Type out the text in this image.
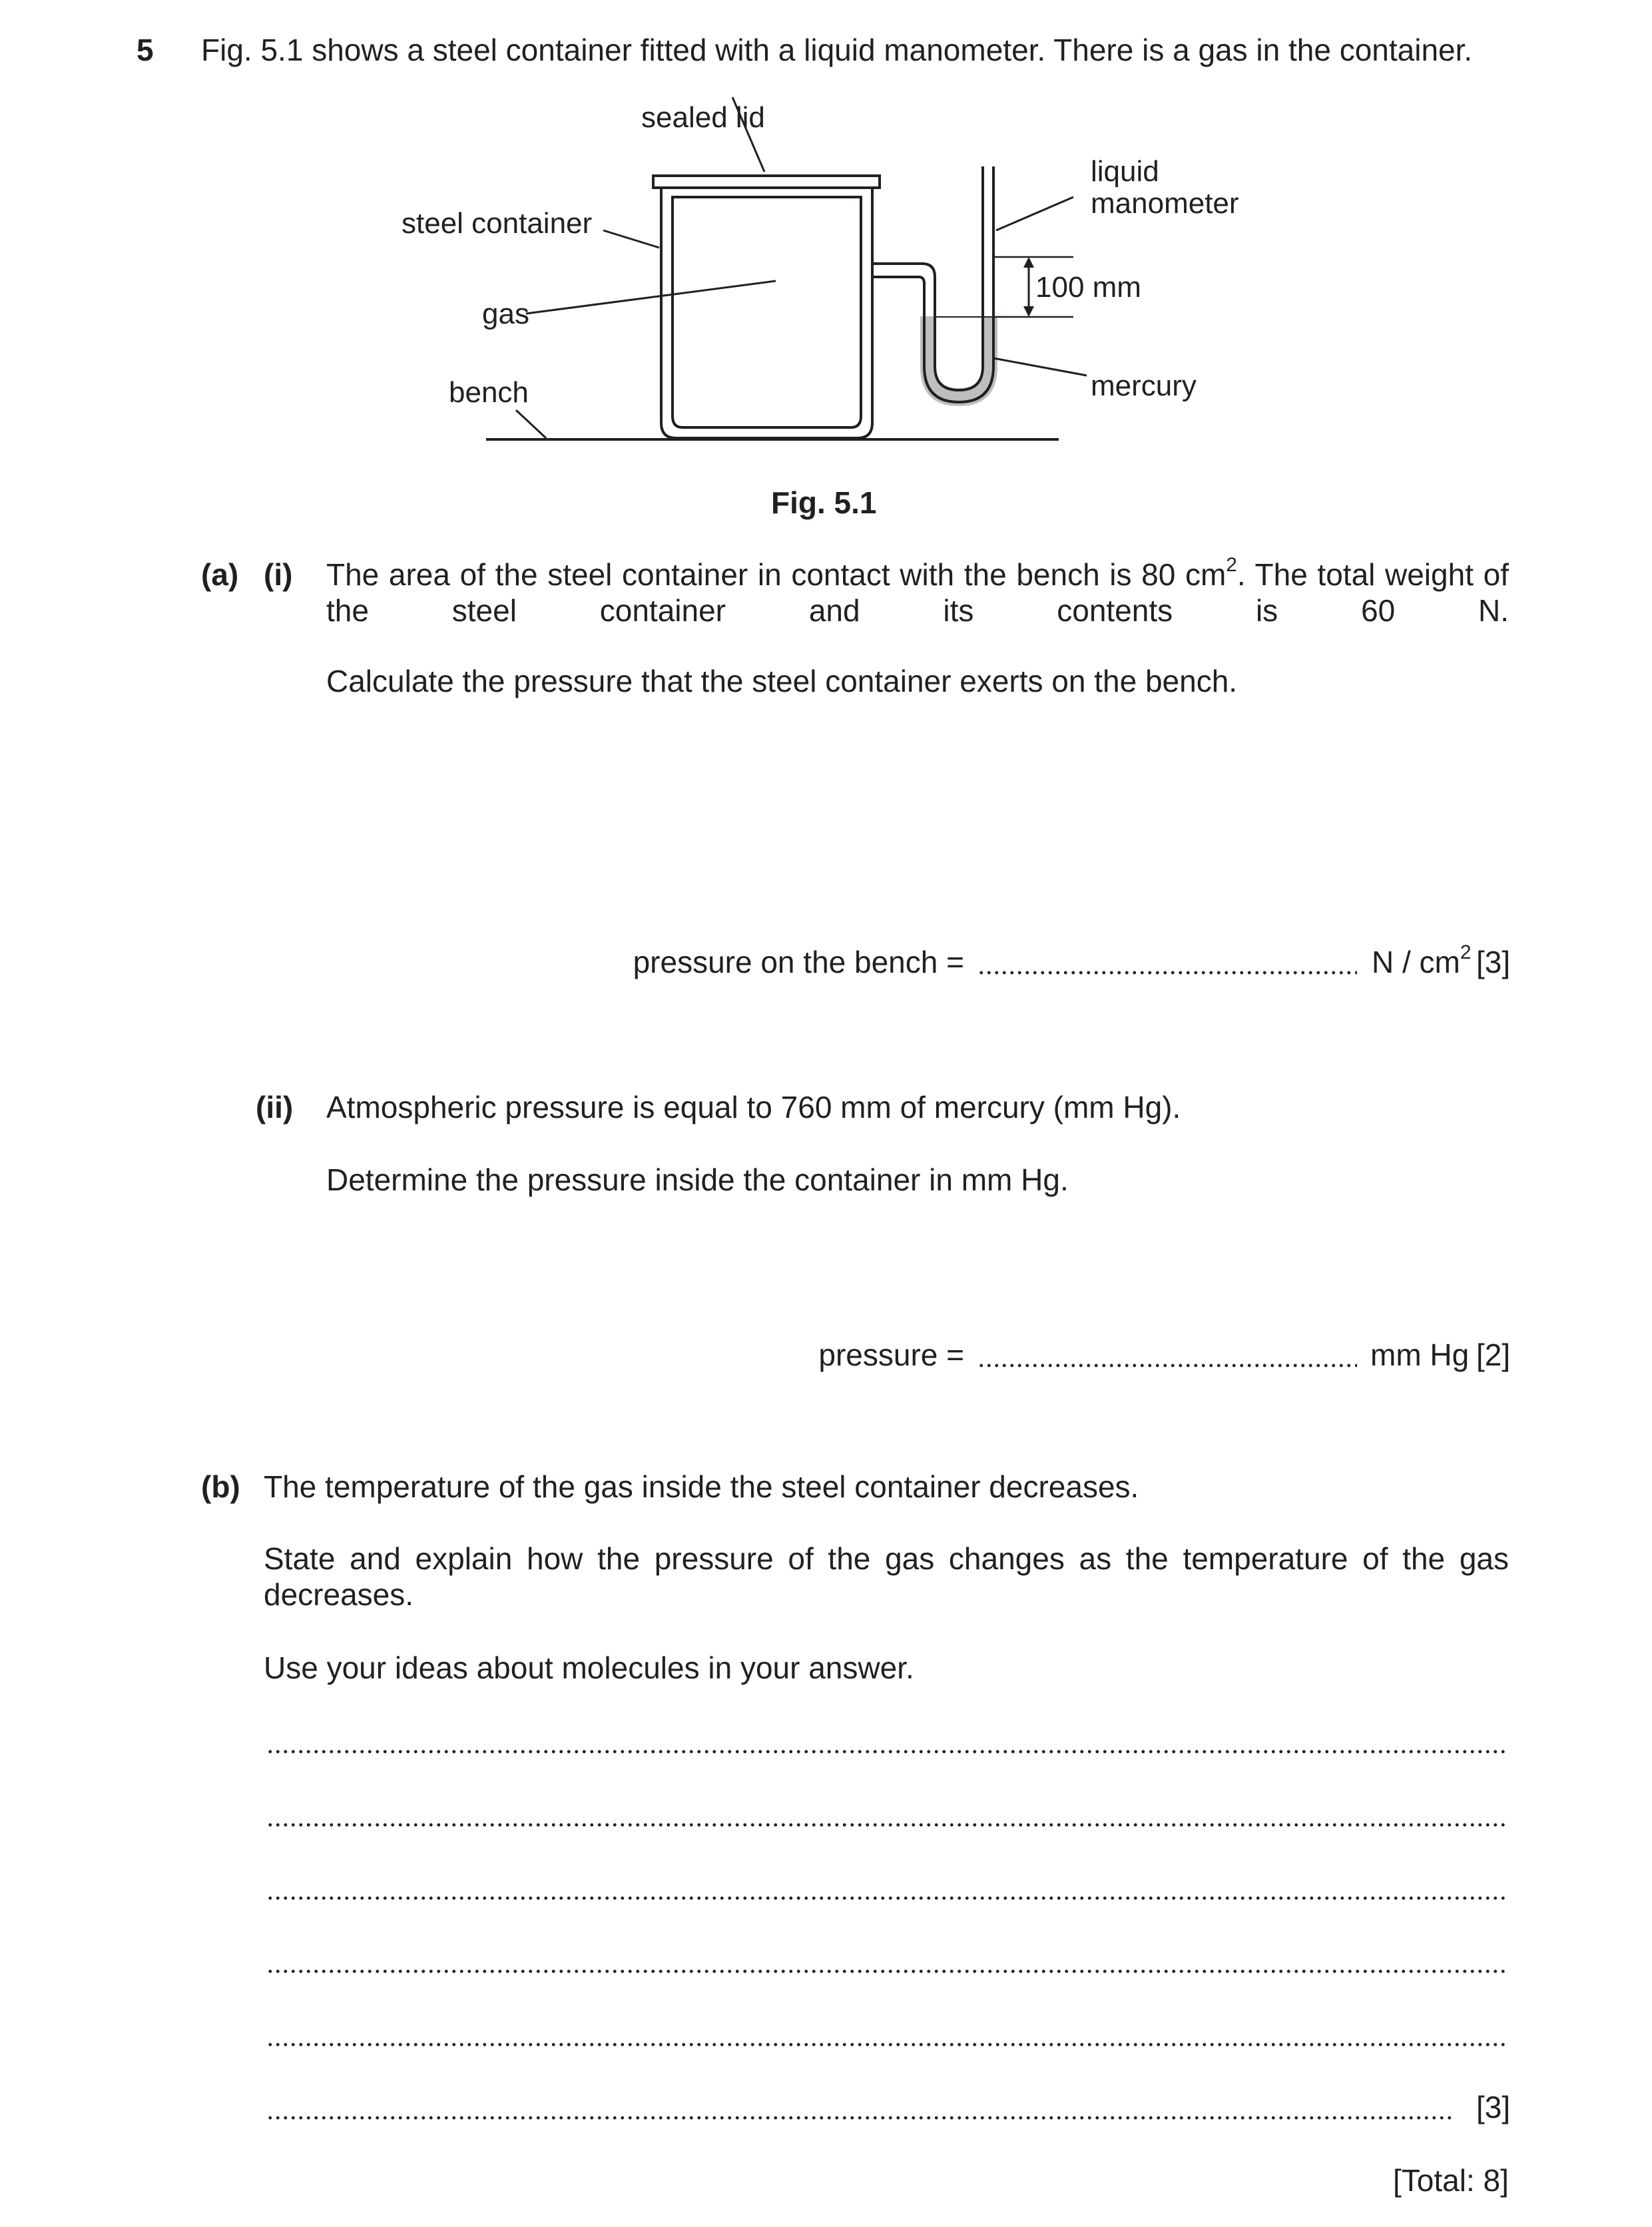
5 Fig. 5.1 shows a steel container fitted with a liquid manometer. There is a gas in the container.
sealed lid
liquid
manometer
steel container
100 mm
gas
mercury
bench
Fig. 5.1
(a) (i) The area of the steel container in contact with the bench is 80 $cm^2$. The total weight of the steel container and its contents is 60 N.
Calculate the pressure that the steel container exerts on the bench.
pressure on the bench =	N / $cm^2$ [3]
(ii) Atmospheric pressure is equal to 760 mm of mercury (mm Hg).
Determine the pressure inside the container in mm Hg.
pressure =	mm Hg [2]
(b) The temperature of the gas inside the steel container decreases.
State and explain how the pressure of the gas changes as the temperature of the gas decreases.
Use your ideas about molecules in your answer.
[3]
[Total: 8]
